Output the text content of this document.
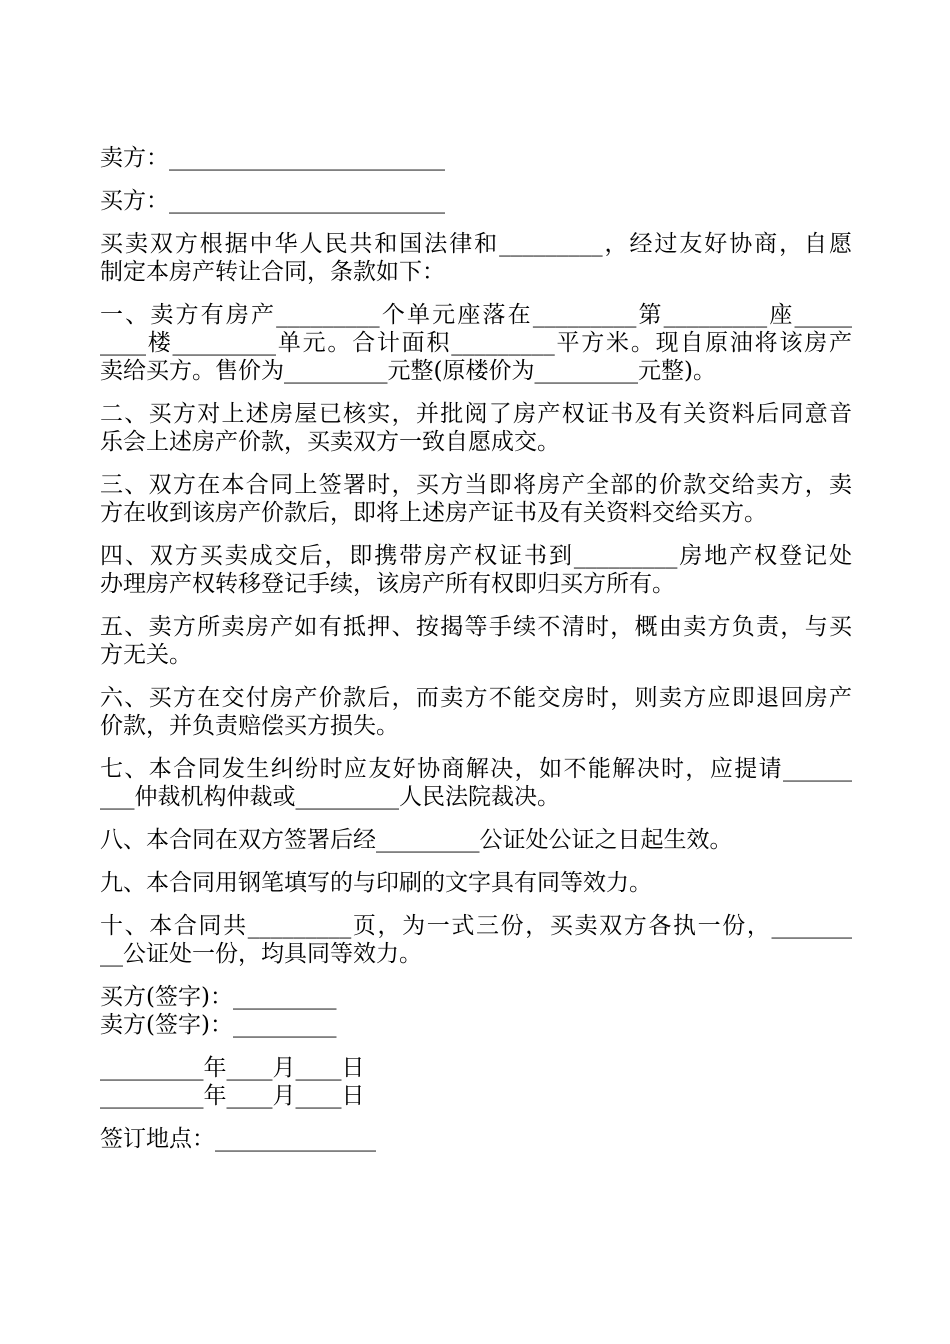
卖方：________________________
买方：________________________
买卖双方根据中华人民共和国法律和_________，经过友好协商，自愿
制定本房产转让合同，条款如下：
一、卖方有房产_________个单元座落在_________第_________座_____
____楼_________单元。合计面积_________平方米。现自原油将该房产
卖给买方。售价为_________元整(原楼价为_________元整)。
二、买方对上述房屋已核实，并批阅了房产权证书及有关资料后同意音
乐会上述房产价款，买卖双方一致自愿成交。
三、双方在本合同上签署时，买方当即将房产全部的价款交给卖方，卖
方在收到该房产价款后，即将上述房产证书及有关资料交给买方。
四、双方买卖成交后，即携带房产权证书到_________房地产权登记处
办理房产权转移登记手续，该房产所有权即归买方所有。
五、卖方所卖房产如有抵押、按揭等手续不清时，概由卖方负责，与买
方无关。
六、买方在交付房产价款后，而卖方不能交房时，则卖方应即退回房产
价款，并负责赔偿买方损失。
七、本合同发生纠纷时应友好协商解决，如不能解决时，应提请______
___仲裁机构仲裁或_________人民法院裁决。
八、本合同在双方签署后经_________公证处公证之日起生效。
九、本合同用钢笔填写的与印刷的文字具有同等效力。
十、本合同共_________页，为一式三份，买卖双方各执一份，_______
__公证处一份，均具同等效力。
买方(签字)：_________
卖方(签字)：_________
_________年____月____日
_________年____月____日
签订地点：______________
